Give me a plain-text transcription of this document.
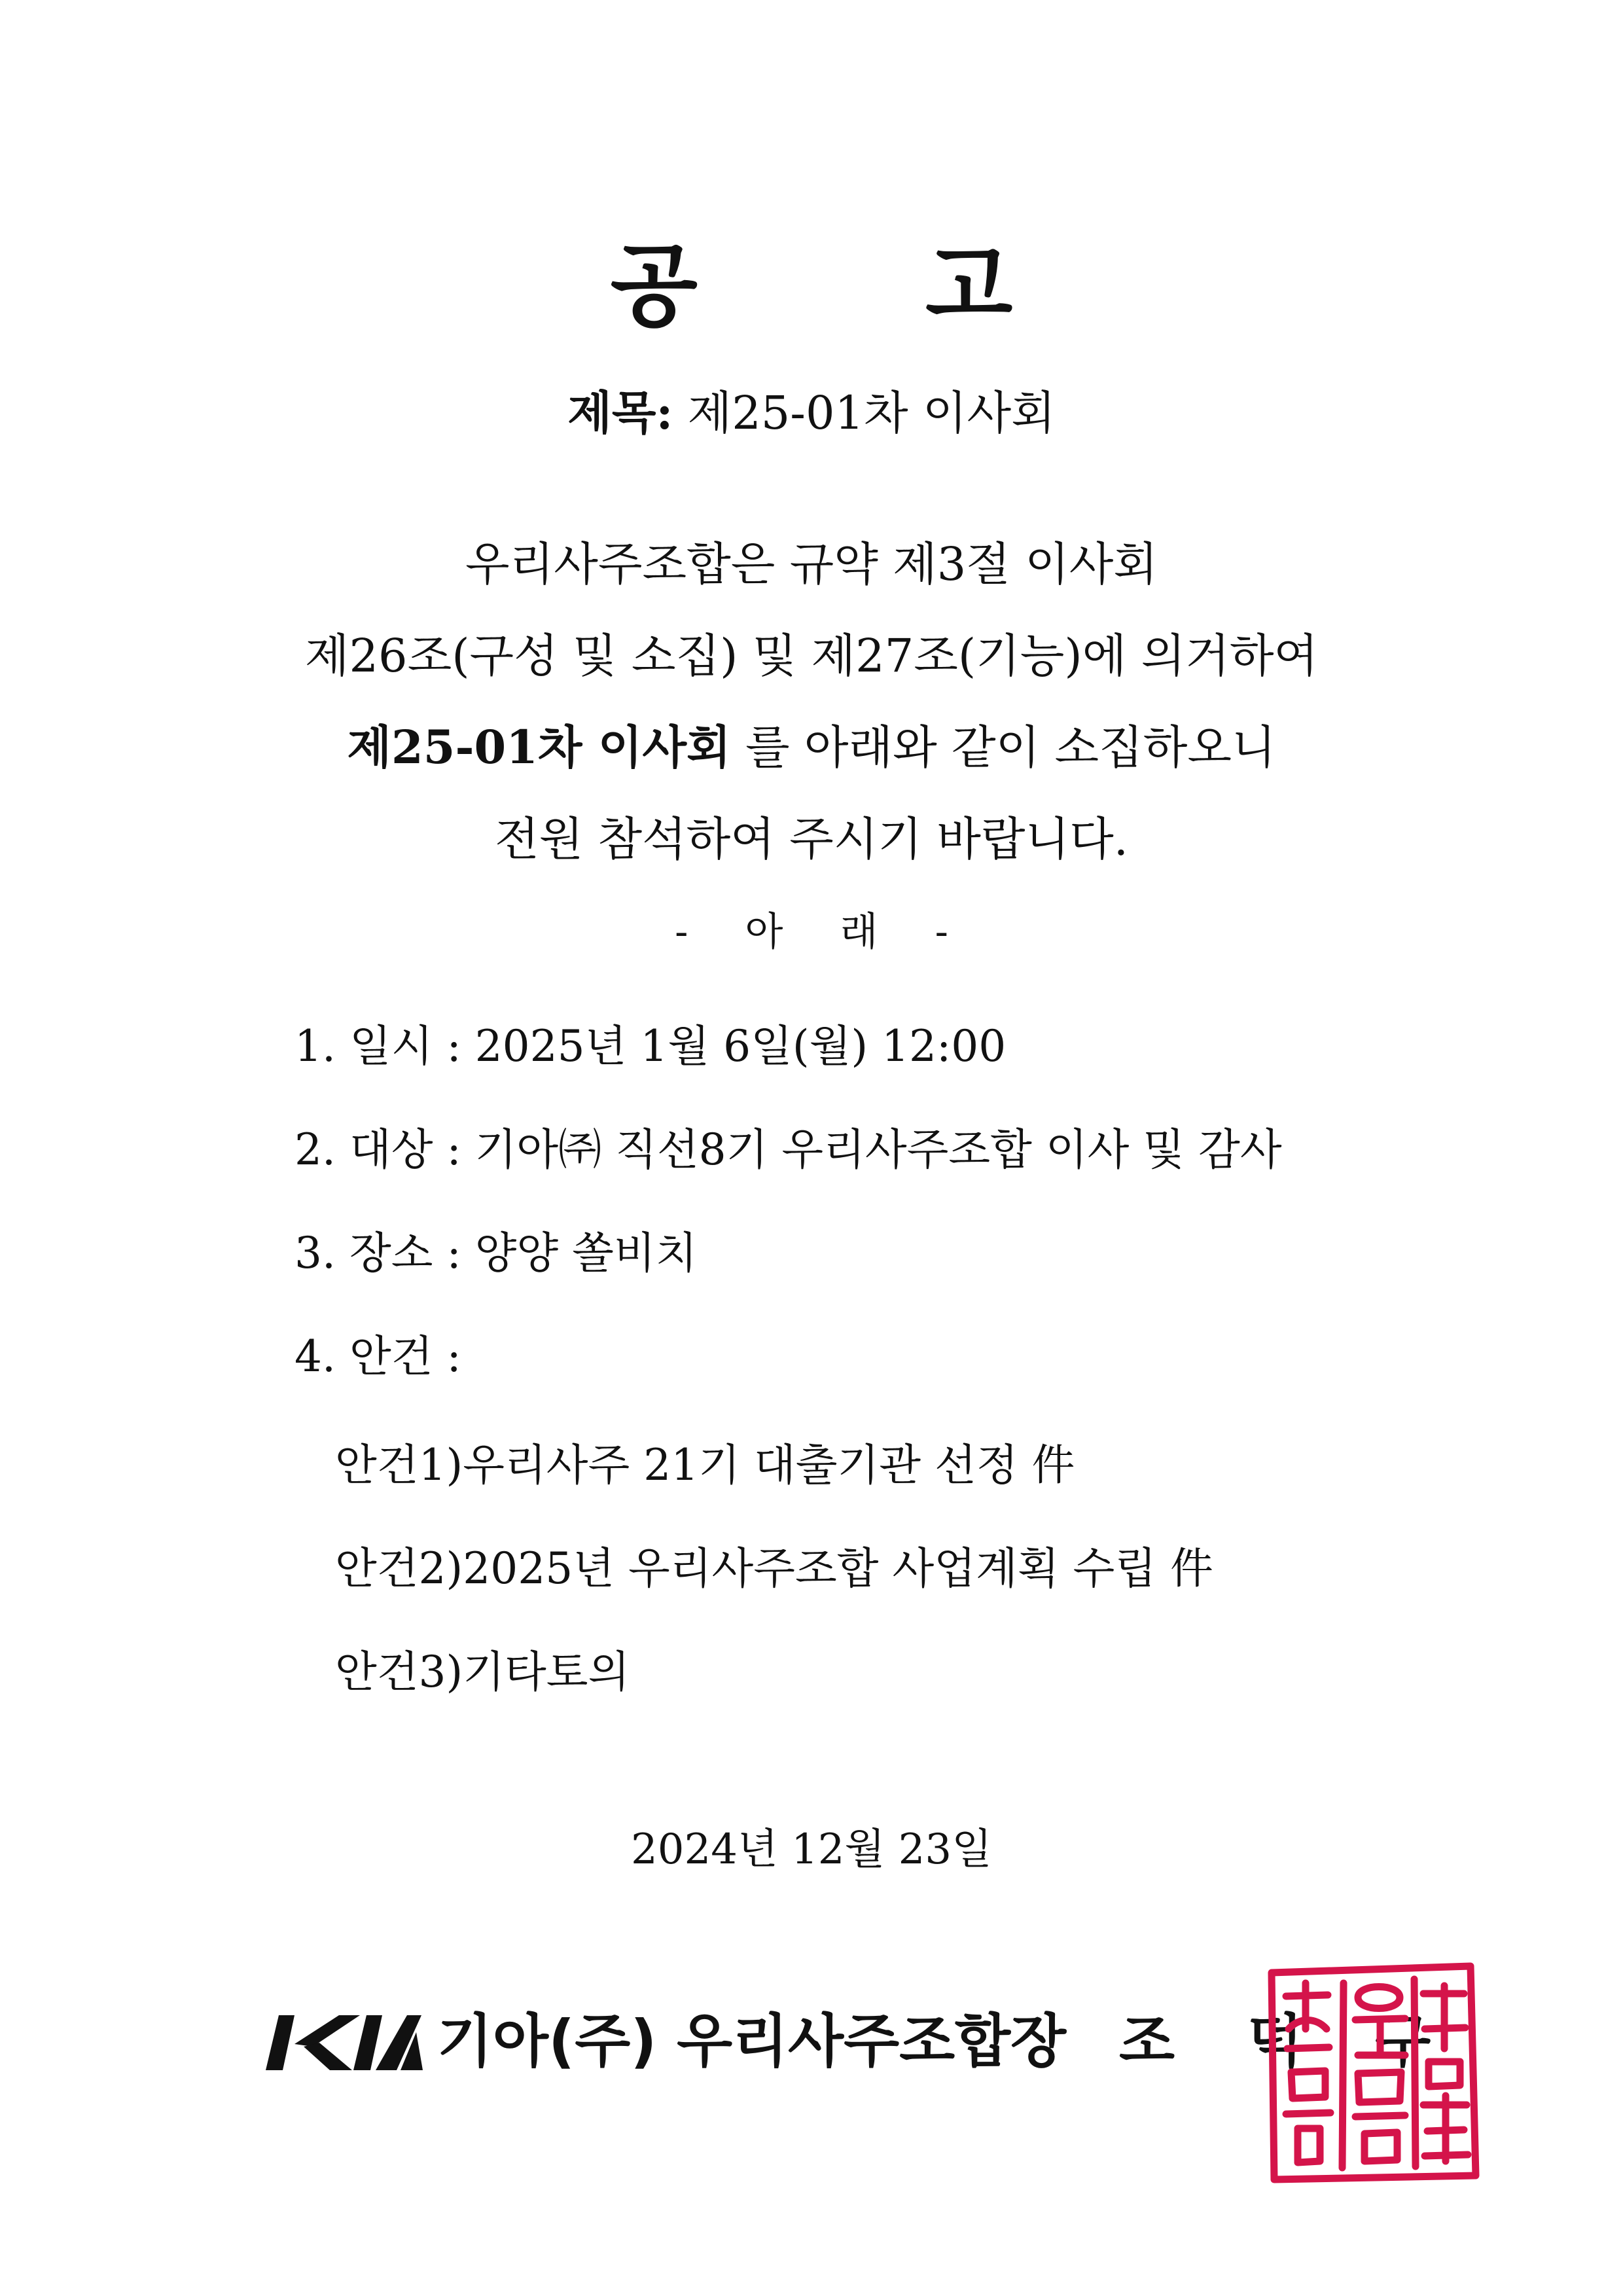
공 고
제목: 제25-01차 이사회
우리사주조합은 규약 제3절 이사회
제26조(구성 및 소집) 및 제27조(기능)에 의거하여
제25-01차 이사회 를 아래와 같이 소집하오니
전원 참석하여 주시기 바랍니다.
- 아 래 -
1. 일시 : 2025년 1월 6일(월) 12:00
2. 대상 : 기아㈜ 직선8기 우리사주조합 이사 및 감사
3. 장소 : 양양 쏠비치
4. 안건 :
안건1)우리사주 21기 대출기관 선정 件
안건2)2025년 우리사주조합 사업계획 수립 件
안건3)기타토의
2024년 12월 23일
기아(주) 우리사주조합장 조 덕 구
